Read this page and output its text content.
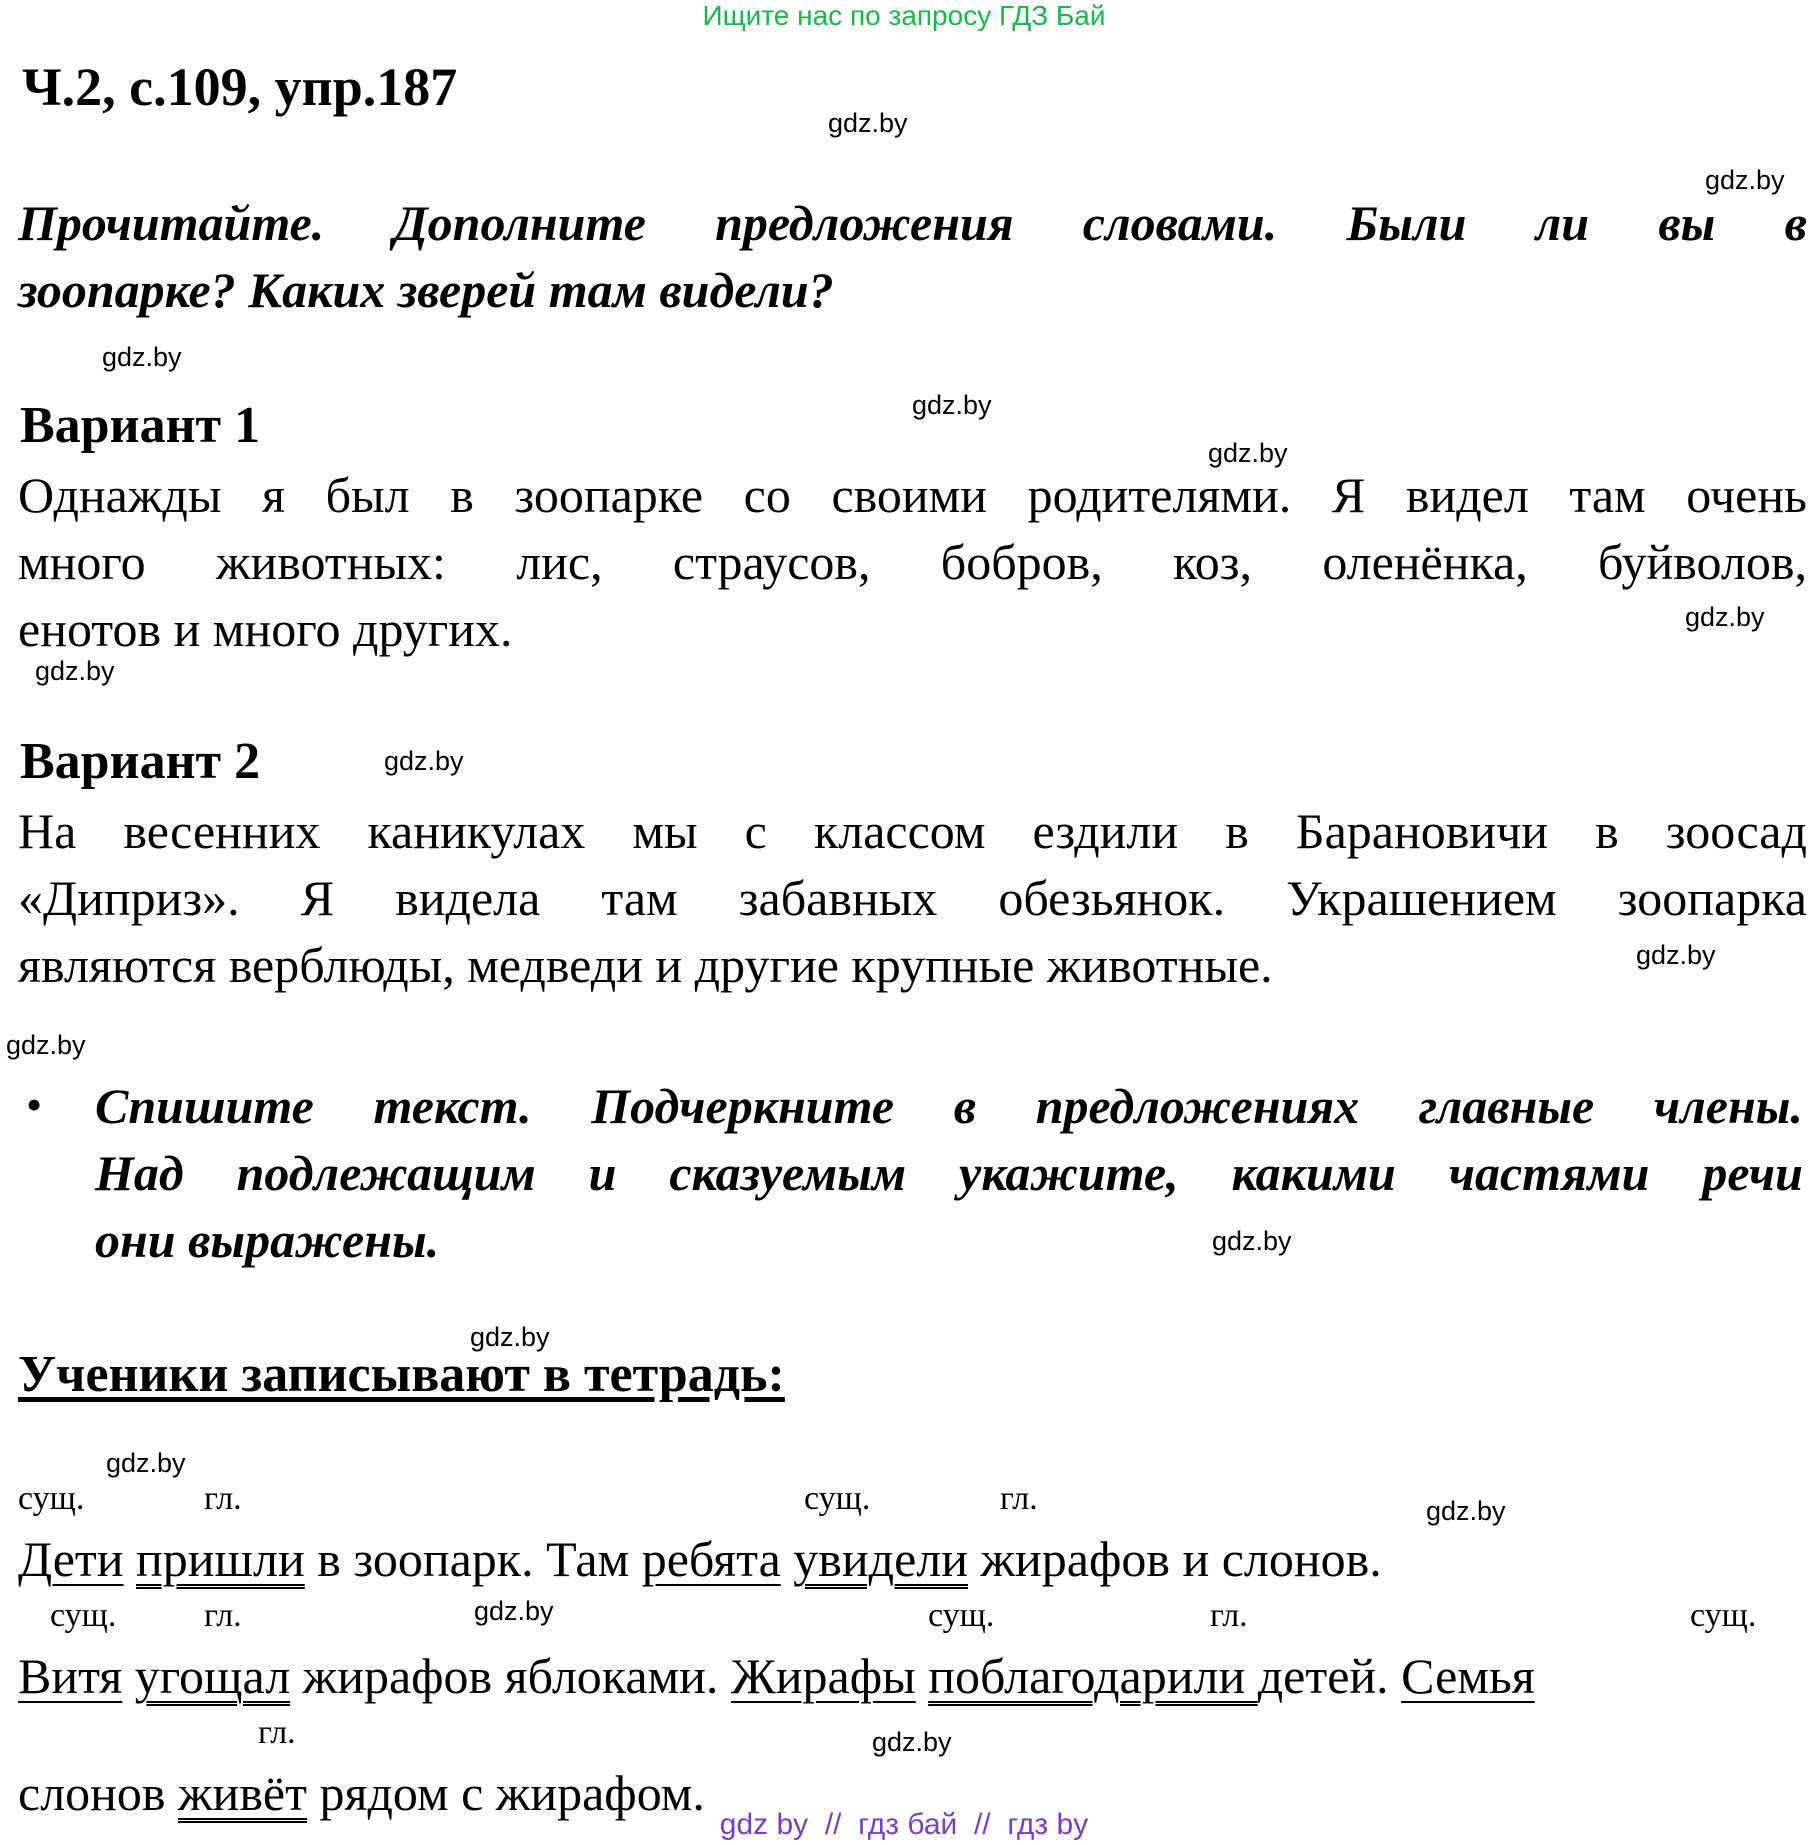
Ищите нас по запросу ГДЗ Бай
Ч.2, с.109, упр.187
Прочитайте. Дополните предложения словами. Были ли вы в
зоопарке? Каких зверей там видели?
Вариант 1
Однажды я был в зоопарке со своими родителями. Я видел там очень
много животных: лис, страусов, бобров, коз, оленёнка, буйволов,
енотов и много других.
Вариант 2
На весенних каникулах мы с классом ездили в Барановичи в зоосад
«Диприз». Я видела там забавных обезьянок. Украшением зоопарка
являются верблюды, медведи и другие крупные животные.
• Спишите текст. Подчеркните в предложениях главные члены.
Над подлежащим и сказуемым укажите, какими частями речи
они выражены.
Ученики записывают в тетрадь:
сущ.	гл.	сущ.	гл.
Дети пришли в зоопарк. Там ребята увидели жирафов и слонов.
сущ.	гл.	сущ.	гл.	сущ.
Витя угощал жирафов яблоками. Жирафы поблагодарили детей. Семья
гл.
слонов живёт рядом с жирафом.
gdz.by
gdz.by
gdz.by
gdz.by
gdz.by
gdz.by
gdz.by
gdz.by
gdz.by
gdz.by
gdz.by
gdz.by
gdz.by
gdz.by
gdz.by
gdz.by
gdz by  //  гдз бай  //  гдз by
